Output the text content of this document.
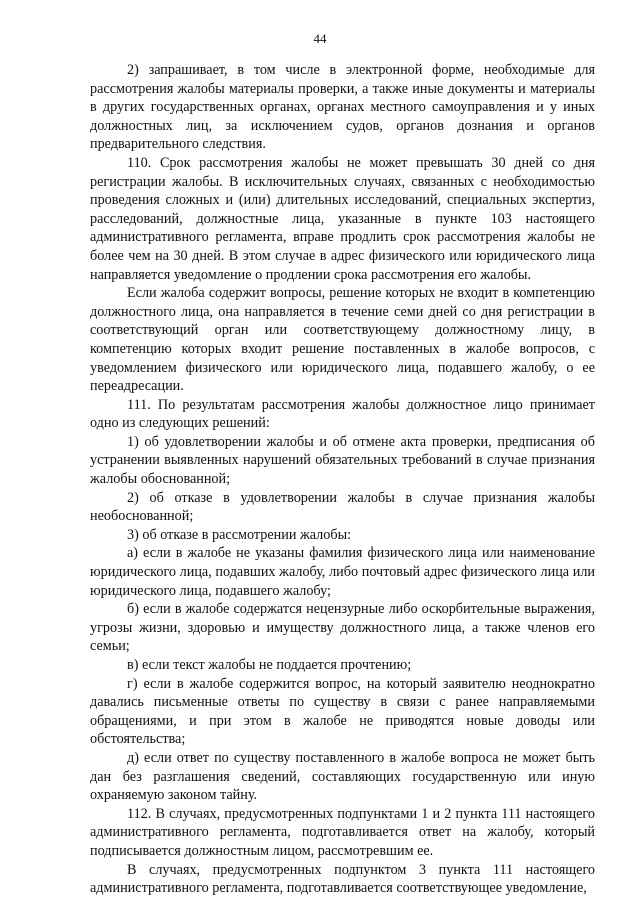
44

2) запрашивает, в том числе в электронной форме, необходимые для рассмотрения жалобы материалы проверки, а также иные документы и материалы в других государственных органах, органах местного самоуправления и у иных должностных лиц, за исключением судов, органов дознания и органов предварительного следствия.

110. Срок рассмотрения жалобы не может превышать 30 дней со дня регистрации жалобы. В исключительных случаях, связанных с необходимостью проведения сложных и (или) длительных исследований, специальных экспертиз, расследований, должностные лица, указанные в пункте 103 настоящего административного регламента, вправе продлить срок рассмотрения жалобы не более чем на 30 дней. В этом случае в адрес физического или юридического лица направляется уведомление о продлении срока рассмотрения его жалобы.

Если жалоба содержит вопросы, решение которых не входит в компетенцию должностного лица, она направляется в течение семи дней со дня регистрации в соответствующий орган или соответствующему должностному лицу, в компетенцию которых входит решение поставленных в жалобе вопросов, с уведомлением физического или юридического лица, подавшего жалобу, о ее переадресации.

111. По результатам рассмотрения жалобы должностное лицо принимает одно из следующих решений:

1) об удовлетворении жалобы и об отмене акта проверки, предписания об устранении выявленных нарушений обязательных требований в случае признания жалобы обоснованной;

2) об отказе в удовлетворении жалобы в случае признания жалобы необоснованной;

3) об отказе в рассмотрении жалобы:

а) если в жалобе не указаны фамилия физического лица или наименование юридического лица, подавших жалобу, либо почтовый адрес физического лица или юридического лица, подавшего жалобу;

б) если в жалобе содержатся нецензурные либо оскорбительные выражения, угрозы жизни, здоровью и имуществу должностного лица, а также членов его семьи;

в) если текст жалобы не поддается прочтению;

г) если в жалобе содержится вопрос, на который заявителю неоднократно давались письменные ответы по существу в связи с ранее направляемыми обращениями, и при этом в жалобе не приводятся новые доводы или обстоятельства;

д) если ответ по существу поставленного в жалобе вопроса не может быть дан без разглашения сведений, составляющих государственную или иную охраняемую законом тайну.

112. В случаях, предусмотренных подпунктами 1 и 2 пункта 111 настоящего административного регламента, подготавливается ответ на жалобу, который подписывается должностным лицом, рассмотревшим ее.

В случаях, предусмотренных подпунктом 3 пункта 111 настоящего административного регламента, подготавливается соответствующее уведомление,
